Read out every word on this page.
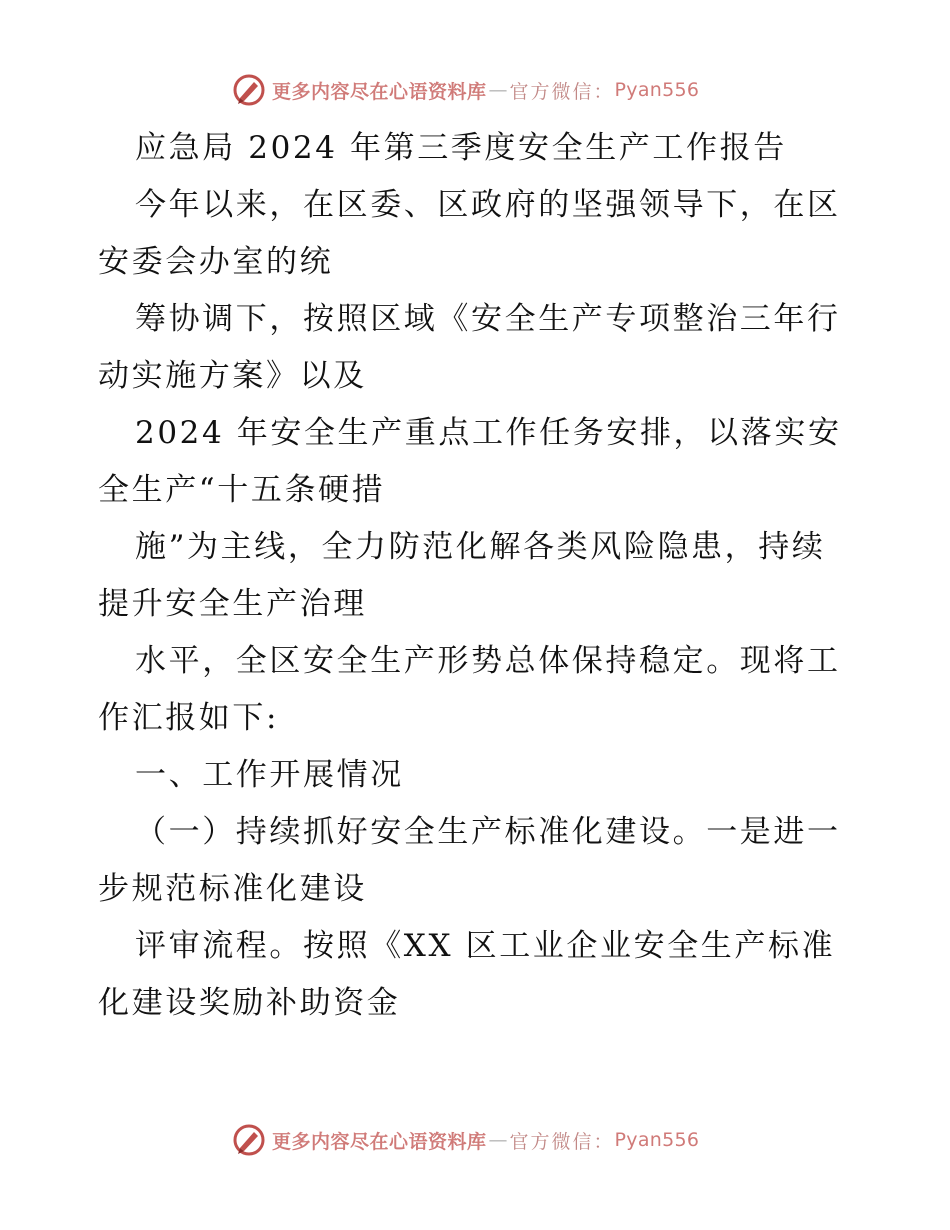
更多内容尽在心语资料库 — 官方微信： Pyan556
应急局 2024 年第三季度安全生产工作报告
今年以来，在区委、区政府的坚强领导下，在区
安委会办室的统
筹协调下，按照区域《安全生产专项整治三年行
动实施方案》以及
2024 年安全生产重点工作任务安排，以落实安
全生产“十五条硬措
施”为主线，全力防范化解各类风险隐患，持续
提升安全生产治理
水平，全区安全生产形势总体保持稳定。现将工
作汇报如下:
一、工作开展情况
（一）持续抓好安全生产标准化建设。一是进一
步规范标准化建设
评审流程。按照《XX 区工业企业安全生产标准
化建设奖励补助资金
更多内容尽在心语资料库 — 官方微信： Pyan556
